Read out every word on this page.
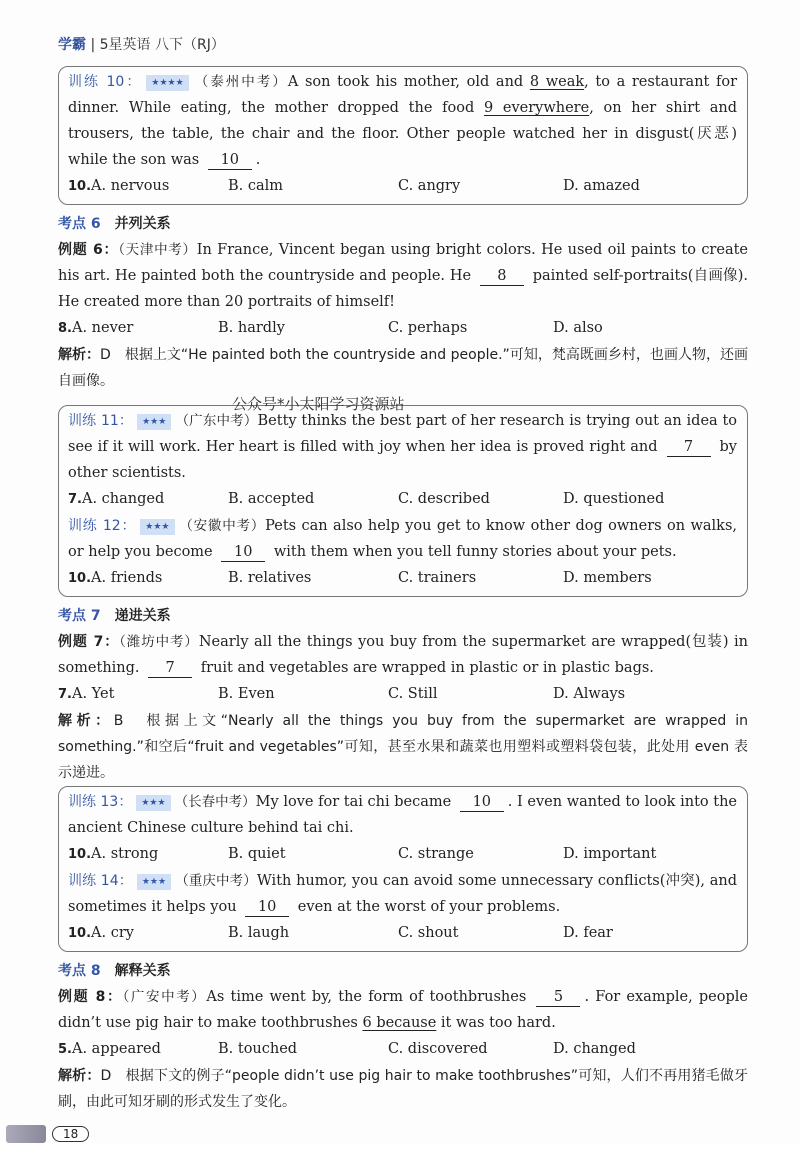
学霸 | 5星英语 八下（RJ）
训练 10： ★★★★ （泰州中考）A son took his mother, old and 8 weak, to a restaurant for dinner. While eating, the mother dropped the food 9 everywhere, on her shirt and trousers, the table, the chair and the floor. Other people watched her in disgust(厌恶) while the son was 10 .
10.A. nervous	B. calm	C. angry	D. amazed
考点 6 并列关系
例题 6：（天津中考）In France, Vincent began using bright colors. He used oil paints to create his art. He painted both the countryside and people. He 8 painted self-portraits(自画像). He created more than 20 portraits of himself!
8.A. never	B. hardly	C. perhaps	D. also
解析：D　根据上文“He painted both the countryside and people.”可知，梵高既画乡村，也画人物，还画自画像。
公众号*小太阳学习资源站
训练 11： ★★★ （广东中考）Betty thinks the best part of her research is trying out an idea to see if it will work. Her heart is filled with joy when her idea is proved right and 7 by other scientists.
7.A. changed	B. accepted	C. described	D. questioned
训练 12： ★★★ （安徽中考）Pets can also help you get to know other dog owners on walks, or help you become 10 with them when you tell funny stories about your pets.
10.A. friends	B. relatives	C. trainers	D. members
考点 7 递进关系
例题 7：（潍坊中考）Nearly all the things you buy from the supermarket are wrapped(包装) in something. 7 fruit and vegetables are wrapped in plastic or in plastic bags.
7.A. Yet	B. Even	C. Still	D. Always
解析：B　根据上文“Nearly all the things you buy from the supermarket are wrapped in something.”和空后“fruit and vegetables”可知，甚至水果和蔬菜也用塑料或塑料袋包装，此处用 even 表示递进。
训练 13： ★★★ （长春中考）My love for tai chi became 10 . I even wanted to look into the ancient Chinese culture behind tai chi.
10.A. strong	B. quiet	C. strange	D. important
训练 14： ★★★ （重庆中考）With humor, you can avoid some unnecessary conflicts(冲突), and sometimes it helps you 10 even at the worst of your problems.
10.A. cry	B. laugh	C. shout	D. fear
考点 8 解释关系
例题 8：（广安中考）As time went by, the form of toothbrushes 5 . For example, people didn’t use pig hair to make toothbrushes 6 because it was too hard.
5.A. appeared	B. touched	C. discovered	D. changed
解析：D　根据下文的例子“people didn’t use pig hair to make toothbrushes”可知，人们不再用猪毛做牙刷，由此可知牙刷的形式发生了变化。
18
